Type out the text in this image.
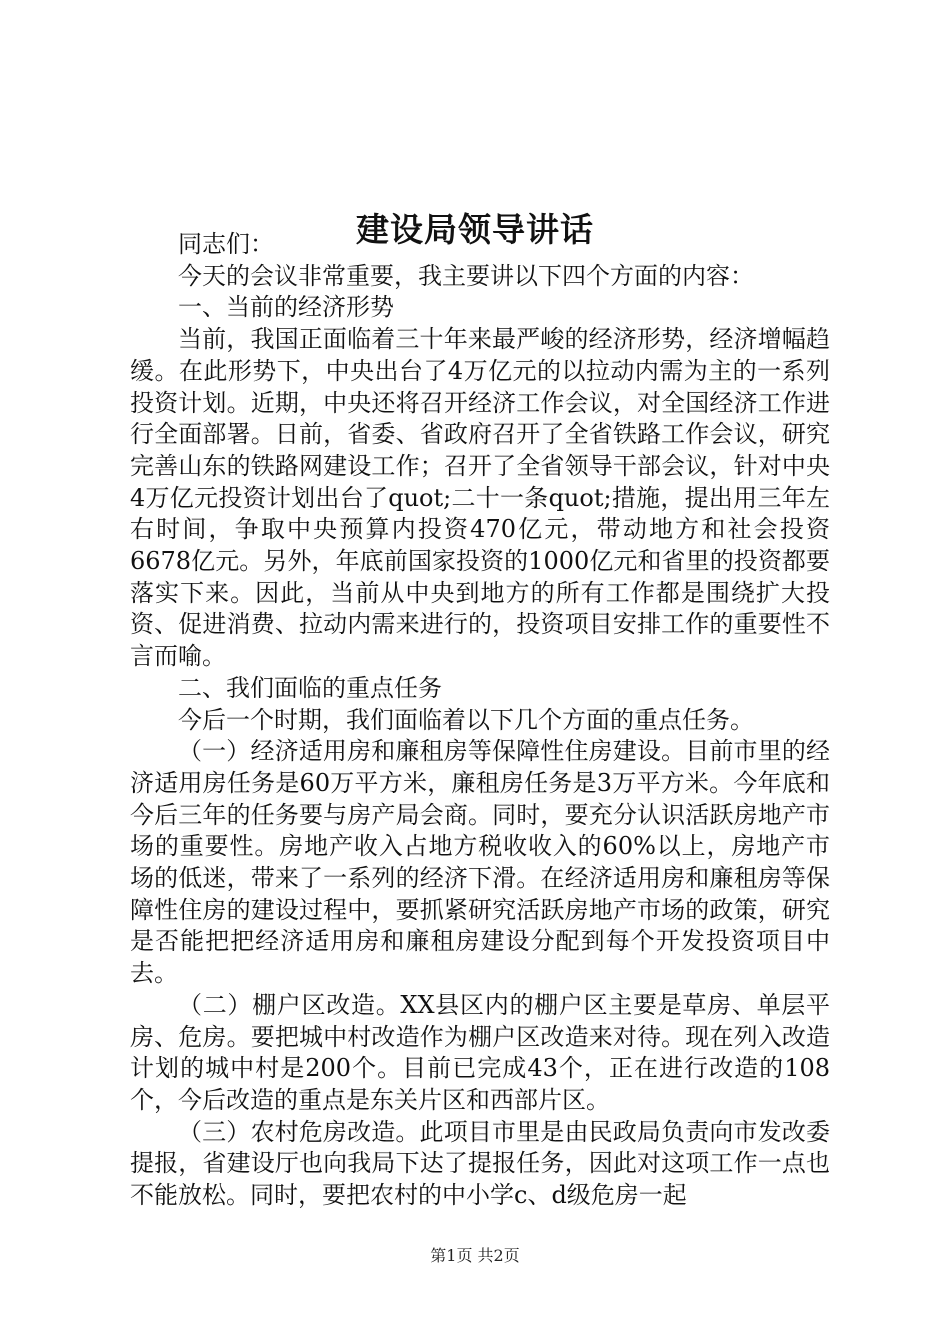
建设局领导讲话

同志们：

今天的会议非常重要，我主要讲以下四个方面的内容：

一、当前的经济形势

当前，我国正面临着三十年来最严峻的经济形势，经济增幅趋缓。在此形势下，中央出台了4万亿元的以拉动内需为主的一系列投资计划。近期，中央还将召开经济工作会议，对全国经济工作进行全面部署。日前，省委、省政府召开了全省铁路工作会议，研究完善山东的铁路网建设工作；召开了全省领导干部会议，针对中央4万亿元投资计划出台了quot;二十一条quot;措施，提出用三年左右时间，争取中央预算内投资470亿元，带动地方和社会投资6678亿元。另外，年底前国家投资的1000亿元和省里的投资都要落实下来。因此，当前从中央到地方的所有工作都是围绕扩大投资、促进消费、拉动内需来进行的，投资项目安排工作的重要性不言而喻。

二、我们面临的重点任务

今后一个时期，我们面临着以下几个方面的重点任务。

（一）经济适用房和廉租房等保障性住房建设。目前市里的经济适用房任务是60万平方米，廉租房任务是3万平方米。今年底和今后三年的任务要与房产局会商。同时，要充分认识活跃房地产市场的重要性。房地产收入占地方税收收入的60%以上，房地产市场的低迷，带来了一系列的经济下滑。在经济适用房和廉租房等保障性住房的建设过程中，要抓紧研究活跃房地产市场的政策，研究是否能把把经济适用房和廉租房建设分配到每个开发投资项目中去。

（二）棚户区改造。XX县区内的棚户区主要是草房、单层平房、危房。要把城中村改造作为棚户区改造来对待。现在列入改造计划的城中村是200个。目前已完成43个，正在进行改造的108个，今后改造的重点是东关片区和西部片区。

（三）农村危房改造。此项目市里是由民政局负责向市发改委提报，省建设厅也向我局下达了提报任务，因此对这项工作一点也不能放松。同时，要把农村的中小学c、d级危房一起

第1页 共2页
